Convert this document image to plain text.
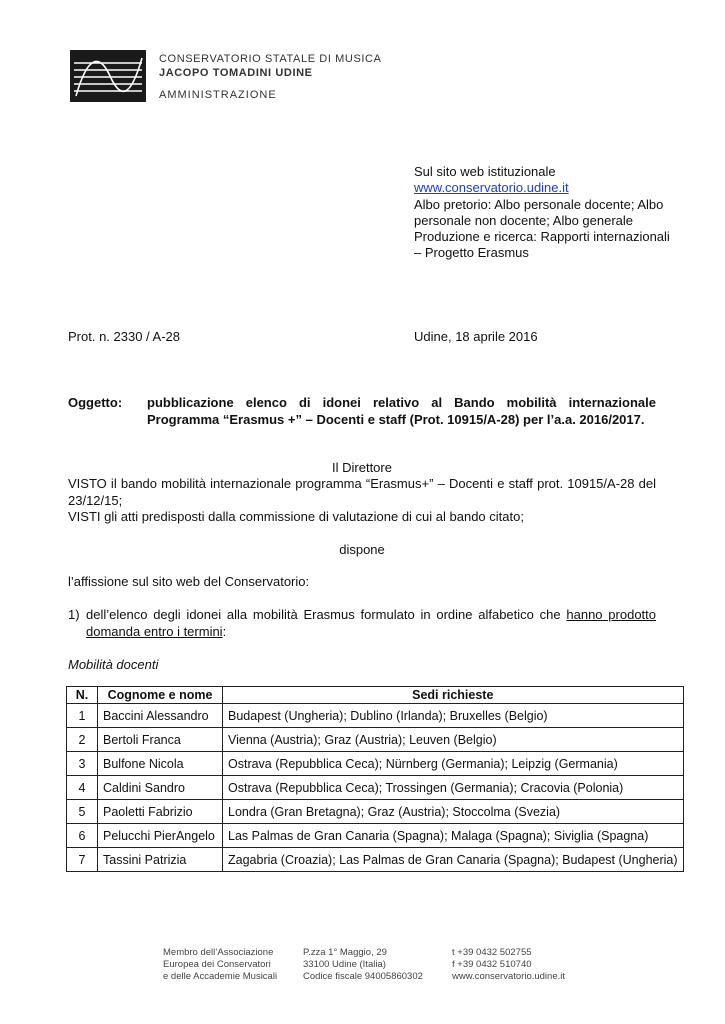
CONSERVATORIO STATALE DI MUSICA
JACOPO TOMADINI UDINE
AMMINISTRAZIONE
Sul sito web istituzionale
www.conservatorio.udine.it
Albo pretorio: Albo personale docente; Albo personale non docente; Albo generale
Produzione e ricerca: Rapporti internazionali – Progetto Erasmus
Prot. n. 2330 / A-28	Udine, 18 aprile 2016
Oggetto: pubblicazione elenco di idonei relativo al Bando mobilità internazionale Programma “Erasmus +” – Docenti e staff (Prot. 10915/A-28) per l’a.a. 2016/2017.
Il Direttore
VISTO il bando mobilità internazionale programma “Erasmus+” – Docenti e staff prot. 10915/A-28 del 23/12/15;
VISTI gli atti predisposti dalla commissione di valutazione di cui al bando citato;
dispone
l’affissione sul sito web del Conservatorio:
1) dell’elenco degli idonei alla mobilità Erasmus formulato in ordine alfabetico che hanno prodotto domanda entro i termini:
Mobilità docenti
N.	Cognome e nome	Sedi richieste
1	Baccini Alessandro	Budapest (Ungheria); Dublino (Irlanda); Bruxelles (Belgio)
2	Bertoli Franca	Vienna (Austria); Graz (Austria); Leuven (Belgio)
3	Bulfone Nicola	Ostrava (Repubblica Ceca); Nürnberg (Germania); Leipzig (Germania)
4	Caldini Sandro	Ostrava (Repubblica Ceca); Trossingen (Germania); Cracovia (Polonia)
5	Paoletti Fabrizio	Londra (Gran Bretagna); Graz (Austria); Stoccolma (Svezia)
6	Pelucchi PierAngelo	Las Palmas de Gran Canaria (Spagna); Malaga (Spagna); Siviglia (Spagna)
7	Tassini Patrizia	Zagabria (Croazia); Las Palmas de Gran Canaria (Spagna); Budapest (Ungheria)
Membro dell’Associazione
Europea dei Conservatori
e delle Accademie Musicali
P.zza 1° Maggio, 29
33100 Udine (Italia)
Codice fiscale 94005860302
t +39 0432 502755
f +39 0432 510740
www.conservatorio.udine.it
